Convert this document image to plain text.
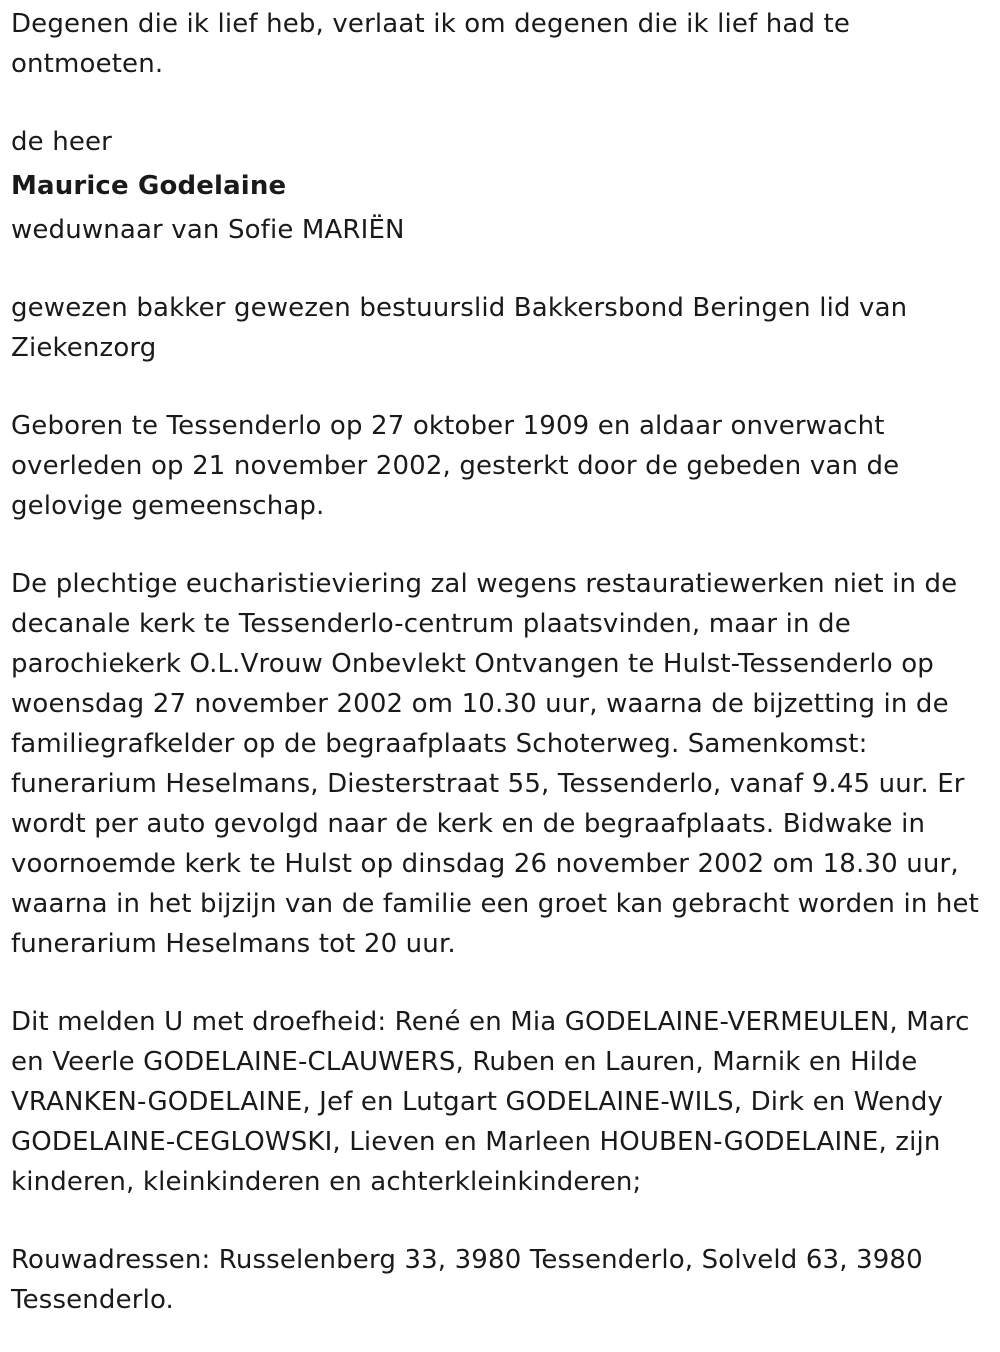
Degenen die ik lief heb, verlaat ik om degenen die ik lief had te ontmoeten.

de heer

Maurice Godelaine

weduwnaar van Sofie MARIËN

gewezen bakker gewezen bestuurslid Bakkersbond Beringen lid van Ziekenzorg

Geboren te Tessenderlo op 27 oktober 1909 en aldaar onverwacht overleden op 21 november 2002, gesterkt door de gebeden van de gelovige gemeenschap.

De plechtige eucharistieviering zal wegens restauratiewerken niet in de decanale kerk te Tessenderlo-centrum plaatsvinden, maar in de parochiekerk O.L.Vrouw Onbevlekt Ontvangen te Hulst-Tessenderlo op woensdag 27 november 2002 om 10.30 uur, waarna de bijzetting in de familiegrafkelder op de begraafplaats Schoterweg. Samenkomst: funerarium Heselmans, Diesterstraat 55, Tessenderlo, vanaf 9.45 uur. Er wordt per auto gevolgd naar de kerk en de begraafplaats. Bidwake in voornoemde kerk te Hulst op dinsdag 26 november 2002 om 18.30 uur, waarna in het bijzijn van de familie een groet kan gebracht worden in het funerarium Heselmans tot 20 uur.

Dit melden U met droefheid: René en Mia GODELAINE-VERMEULEN, Marc en Veerle GODELAINE-CLAUWERS, Ruben en Lauren, Marnik en Hilde VRANKEN-GODELAINE, Jef en Lutgart GODELAINE-WILS, Dirk en Wendy GODELAINE-CEGLOWSKI, Lieven en Marleen HOUBEN-GODELAINE, zijn kinderen, kleinkinderen en achterkleinkinderen;

Rouwadressen: Russelenberg 33, 3980 Tessenderlo, Solveld 63, 3980 Tessenderlo.
